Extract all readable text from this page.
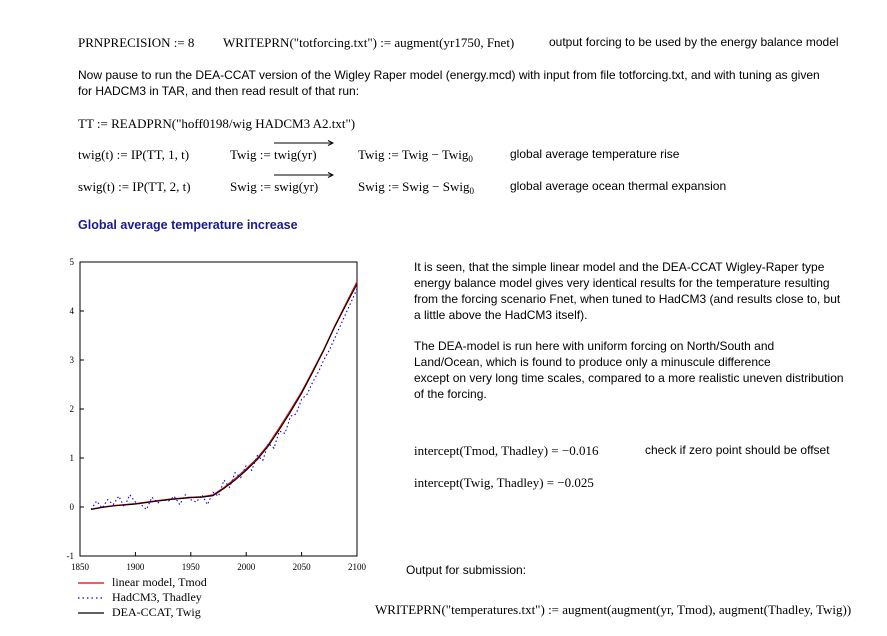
PRNPRECISION := 8 WRITEPRN("totforcing.txt") := augment(yr1750, Fnet)	output forcing to be used by the energy balance model
Now pause to run the DEA-CCAT version of the Wigley Raper model (energy.mcd) with input from file totforcing.txt, and with tuning as given
for HADCM3 in TAR, and then read result of that run:
TT := READPRN("hoff0198/wig HADCM3 A2.txt")
twig(t) := IP(TT, 1, t)	Twig :=
twig(yr)	Twig := Twig − Twig$_0$	global average temperature rise
swig(t) := IP(TT, 2, t)	Swig :=
swig(yr)	Swig := Swig − Swig$_0$	global average ocean thermal expansion
Global average temperature increase
1850	1900	1950	2000	2050	2100
-1
0
1
2
3
4
5
linear model, Tmod
HadCM3, Thadley
DEA-CCAT, Twig
It is seen, that the simple linear model and the DEA-CCAT Wigley-Raper type
energy balance model gives very identical results for the temperature resulting
from the forcing scenario Fnet, when tuned to HadCM3 (and results close to, but
a little above the HadCM3 itself).
The DEA-model is run here with uniform forcing on North/South and
Land/Ocean, which is found to produce only a minuscule difference
except on very long time scales, compared to a more realistic uneven distribution
of the forcing.
intercept(Tmod, Thadley) = −0.016	check if zero point should be offset
intercept(Twig, Thadley) = −0.025
Output for submission:
WRITEPRN("temperatures.txt") := augment(augment(yr, Tmod), augment(Thadley, Twig))
